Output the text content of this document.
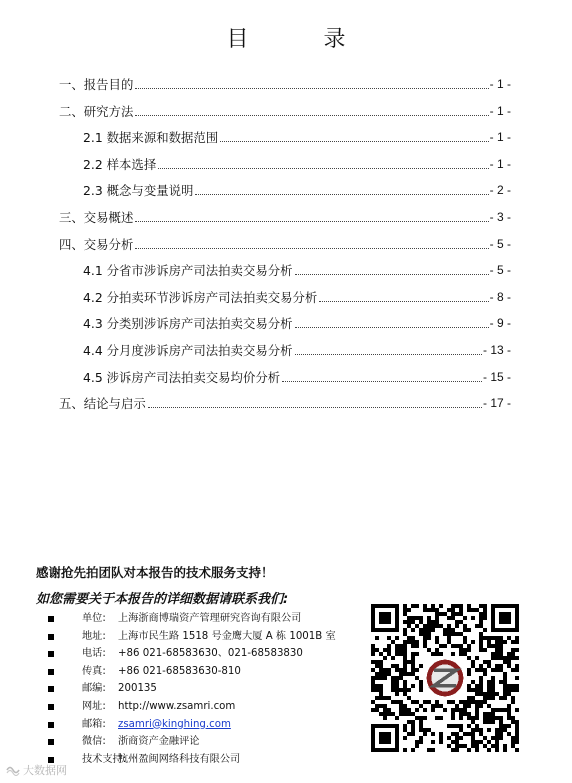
目 录
一、报告目的	- 1 -
二、研究方法	- 1 -
2.1 数据来源和数据范围	- 1 -
2.2 样本选择	- 1 -
2.3 概念与变量说明	- 2 -
三、交易概述	- 3 -
四、交易分析	- 5 -
4.1 分省市涉诉房产司法拍卖交易分析	- 5 -
4.2 分拍卖环节涉诉房产司法拍卖交易分析	- 8 -
4.3 分类别涉诉房产司法拍卖交易分析	- 9 -
4.4 分月度涉诉房产司法拍卖交易分析	- 13 -
4.5 涉诉房产司法拍卖交易均价分析	- 15 -
五、结论与启示	- 17 -
感谢抢先拍团队对本报告的技术服务支持！
如您需要关于本报告的详细数据请联系我们:
单位: 上海浙商博瑞资产管理研究咨询有限公司
地址: 上海市民生路 1518 号金鹰大厦 A 栋 1001B 室
电话: +86 021-68583630、021-68583830
传真: +86 021-68583630-810
邮编: 200135
网址: http://www.zsamri.com
邮箱: zsamri@kinghing.com
微信: 浙商资产金融评论
技术支持:
杭州盈闽网络科技有限公司
大数据网
